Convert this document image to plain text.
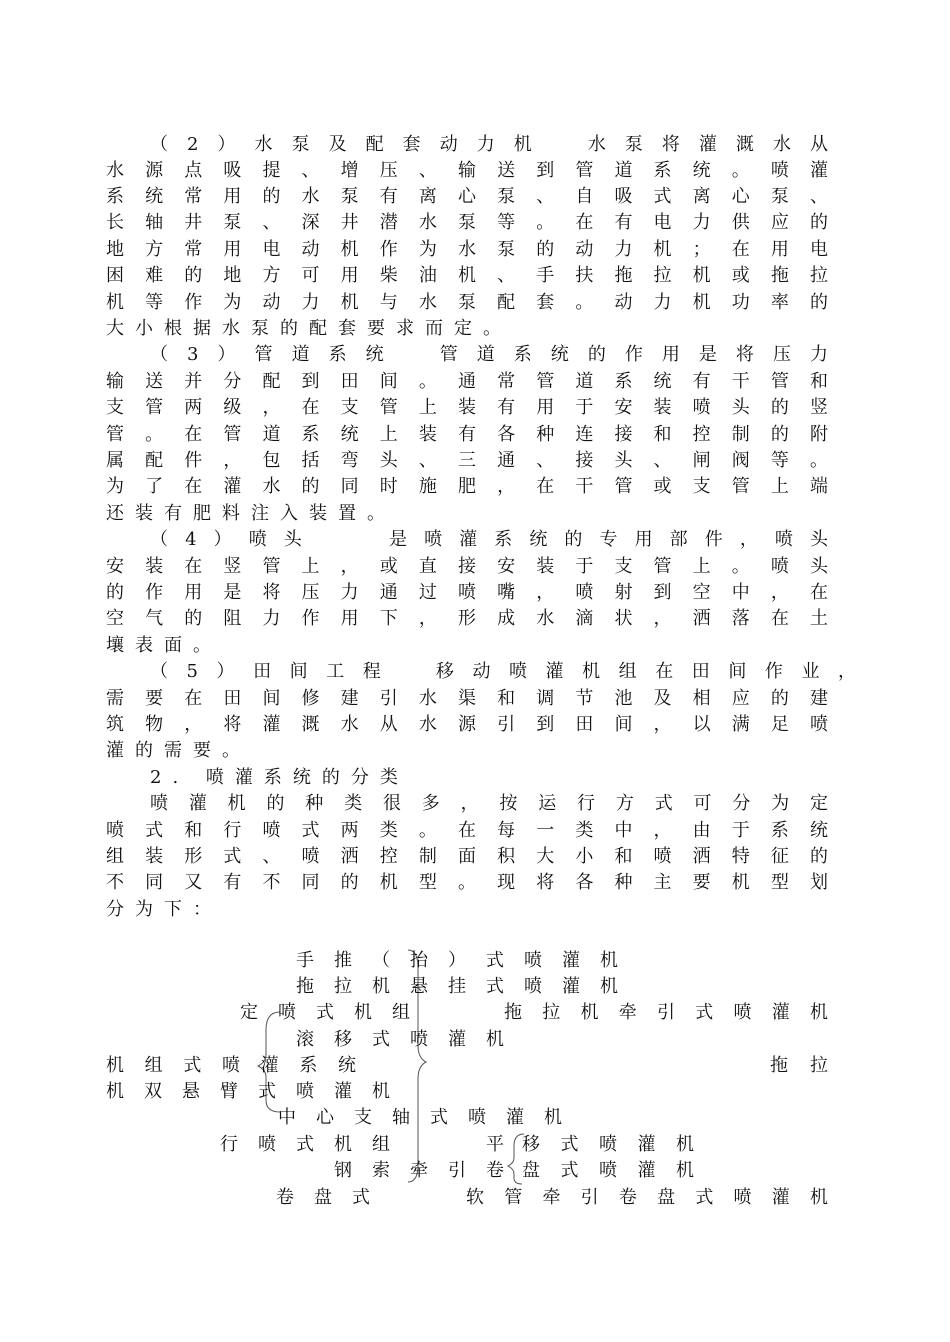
（2）水泵及配套动力机　水泵将灌溉水从
水源点吸提、增压、输送到管道系统。喷灌
系统常用的水泵有离心泵、自吸式离心泵、
长轴井泵、深井潜水泵等。在有电力供应的
地方常用电动机作为水泵的动力机；在用电
困难的地方可用柴油机、手扶拖拉机或拖拉
机等作为动力机与水泵配套。动力机功率的
大小根据水泵的配套要求而定。
（3）管道系统　管道系统的作用是将压力
输送并分配到田间。通常管道系统有干管和
支管两级，在支管上装有用于安装喷头的竖
管。在管道系统上装有各种连接和控制的附
属配件，包括弯头、三通、接头、闸阀等。
为了在灌水的同时施肥，在干管或支管上端
还装有肥料注入装置。
（4）喷头　　是喷灌系统的专用部件，喷头
安装在竖管上，或直接安装于支管上。喷头
的作用是将压力通过喷嘴，喷射到空中，在
空气的阻力作用下，形成水滴状，洒落在土
壤表面。
（5）田间工程　移动喷灌机组在田间作业，
需要在田间修建引水渠和调节池及相应的建
筑物，将灌溉水从水源引到田间，以满足喷
灌的需要。
2. 喷灌系统的分类
喷灌机的种类很多，按运行方式可分为定
喷式和行喷式两类。在每一类中，由于系统
组装形式、喷洒控制面积大小和喷洒特征的
不同又有不同的机型。现将各种主要机型划
分为下：
手推（抬）式喷灌机
拖拉机悬挂式喷灌机
定喷式机组	拖拉机牵引式喷灌机
滚移式喷灌机
机组式喷灌系统	拖拉
机双悬臂式喷灌机
中心支轴式喷灌机
行喷式机组	平 移式喷灌机
钢索牵引卷 盘式喷灌机
卷盘式	软管牵引卷盘式喷灌机
